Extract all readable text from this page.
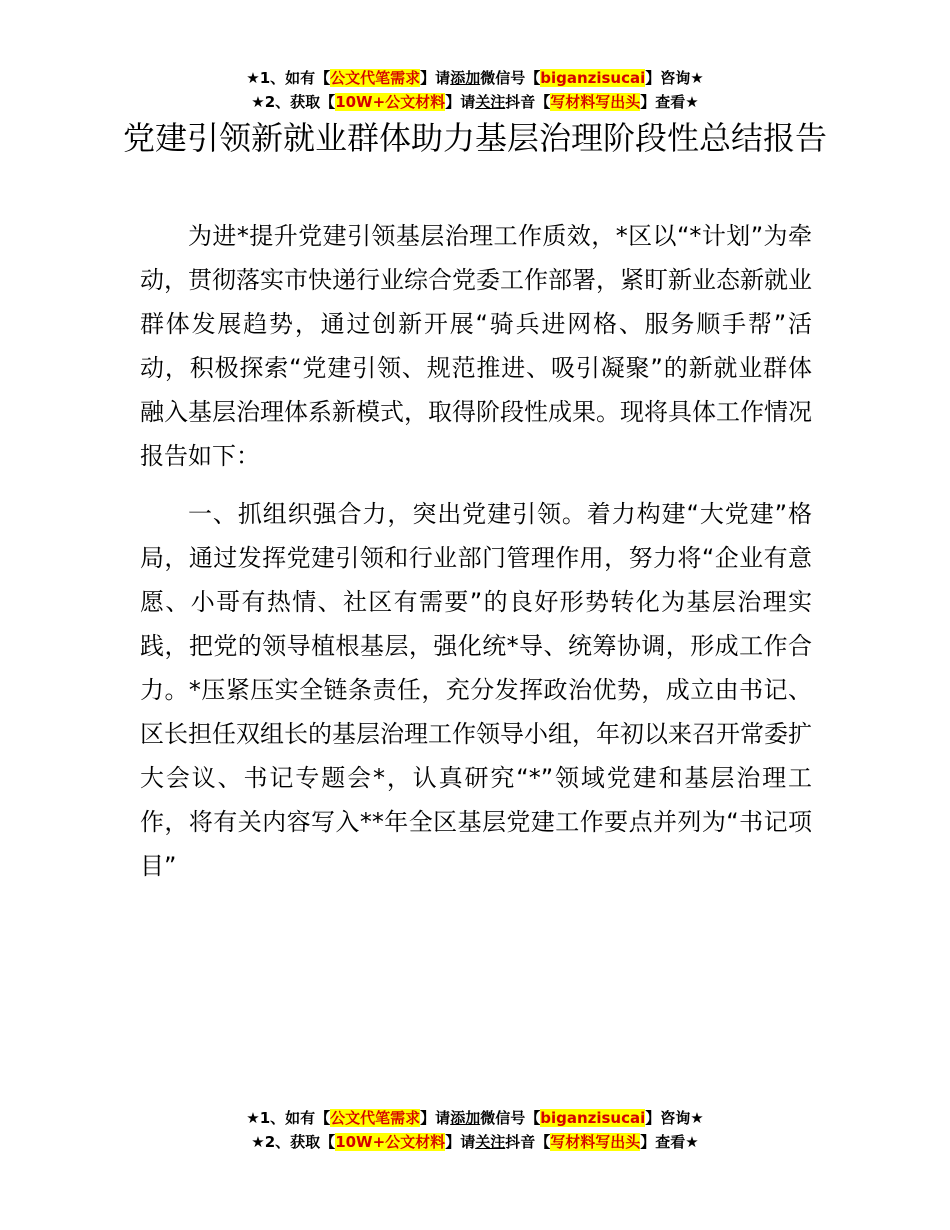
★1、如有【公文代笔需求】请添加微信号【biganzisucai】咨询★
★2、获取【10W+公文材料】请关注抖音【写材料写出头】查看★
党建引领新就业群体助力基层治理阶段性总结报告

为进*提升党建引领基层治理工作质效，*区以“*计划”为牵动，贯彻落实市快递行业综合党委工作部署，紧盯新业态新就业群体发展趋势，通过创新开展“骑兵进网格、服务顺手帮”活动，积极探索“党建引领、规范推进、吸引凝聚”的新就业群体融入基层治理体系新模式，取得阶段性成果。现将具体工作情况报告如下：

一、抓组织强合力，突出党建引领。着力构建“大党建”格局，通过发挥党建引领和行业部门管理作用，努力将“企业有意愿、小哥有热情、社区有需要”的良好形势转化为基层治理实践，把党的领导植根基层，强化统*导、统筹协调，形成工作合力。*压紧压实全链条责任，充分发挥政治优势，成立由书记、区长担任双组长的基层治理工作领导小组，年初以来召开常委扩大会议、书记专题会*，认真研究“*”领域党建和基层治理工作，将有关内容写入**年全区基层党建工作要点并列为“书记项目”

★1、如有【公文代笔需求】请添加微信号【biganzisucai】咨询★
★2、获取【10W+公文材料】请关注抖音【写材料写出头】查看★
